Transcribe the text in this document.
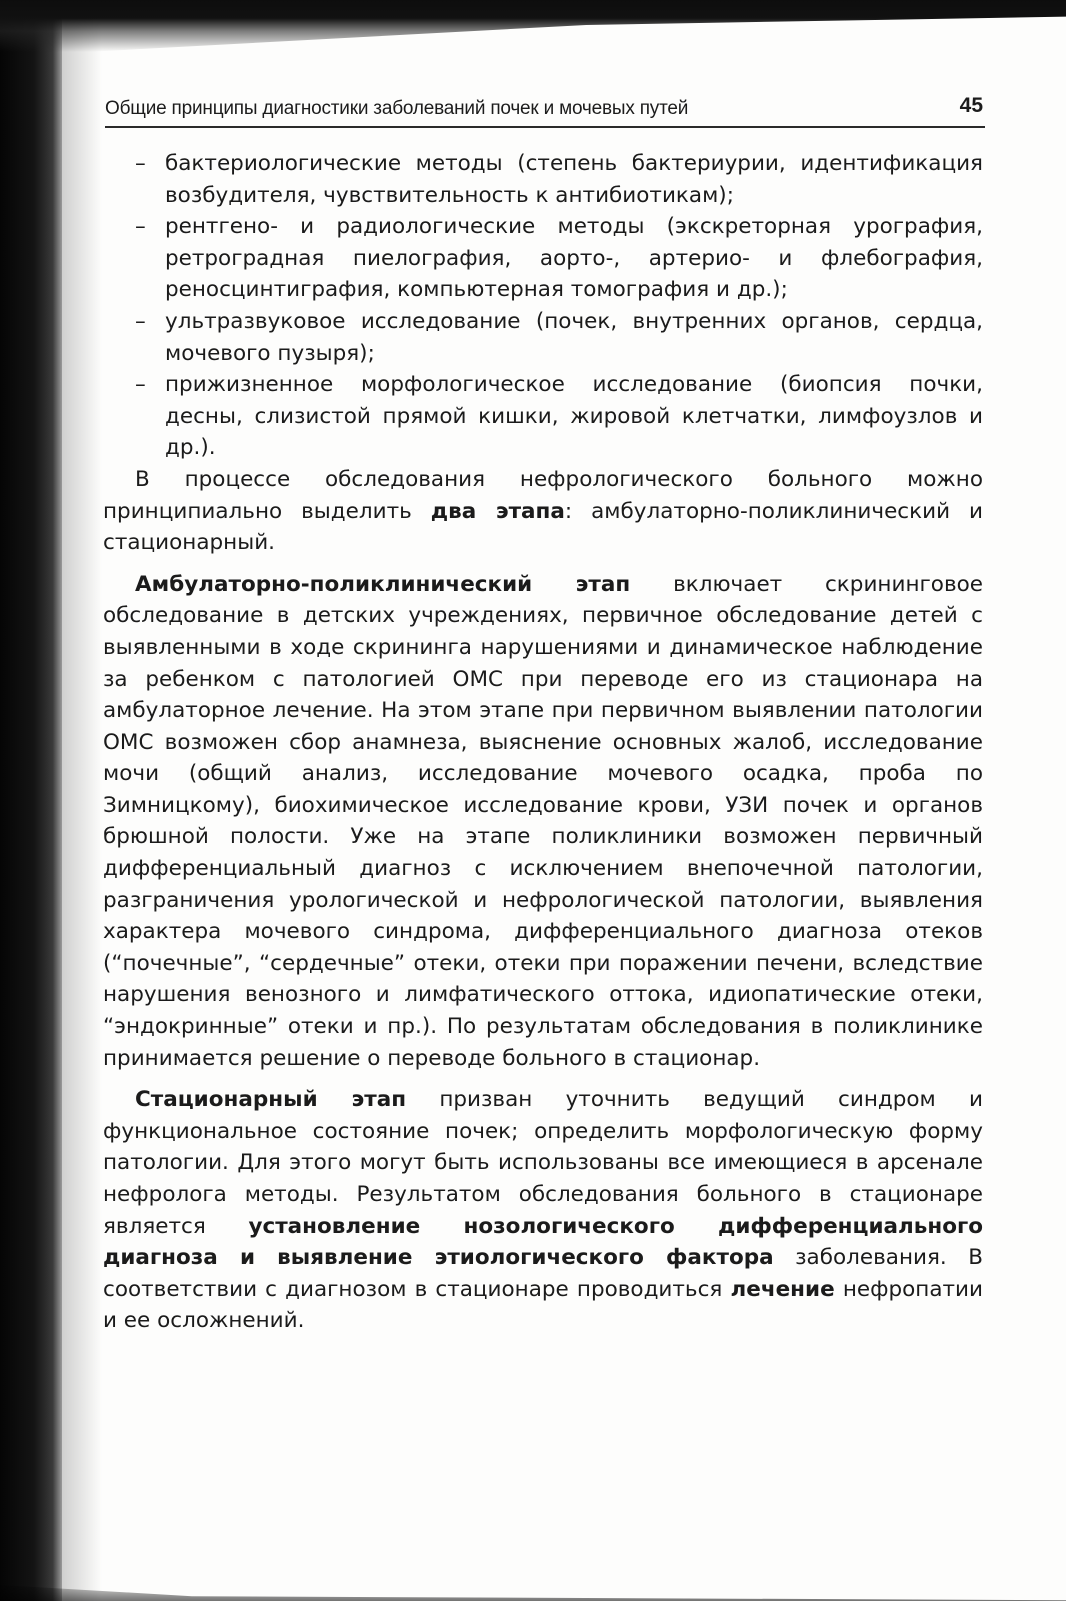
Общие принципы диагностики заболеваний почек и мочевых путей	45
– бактериологические методы (степень бактериурии, идентификация возбудителя, чувствительность к антибиотикам);
– рентгено- и радиологические методы (экскреторная урография, ретроградная пиелография, аорто-, артерио- и флебография, реносцинтиграфия, компьютерная томография и др.);
– ультразвуковое исследование (почек, внутренних органов, сердца, мочевого пузыря);
– прижизненное морфологическое исследование (биопсия почки, десны, слизистой прямой кишки, жировой клетчатки, лимфоузлов и др.).

В процессе обследования нефрологического больного можно принципиально выделить два этапа: амбулаторно-поликлинический и стационарный.

Амбулаторно-поликлинический этап включает скрининговое обследование в детских учреждениях, первичное обследование детей с выявленными в ходе скрининга нарушениями и динамическое наблюдение за ребенком с патологией ОМС при переводе его из стационара на амбулаторное лечение. На этом этапе при первичном выявлении патологии ОМС возможен сбор анамнеза, выяснение основных жалоб, исследование мочи (общий анализ, исследование мочевого осадка, проба по Зимницкому), биохимическое исследование крови, УЗИ почек и органов брюшной полости. Уже на этапе поликлиники возможен первичный дифференциальный диагноз с исключением внепочечной патологии, разграничения урологической и нефрологической патологии, выявления характера мочевого синдрома, дифференциального диагноза отеков (“почечные”, “сердечные” отеки, отеки при поражении печени, вследствие нарушения венозного и лимфатического оттока, идиопатические отеки, “эндокринные” отеки и пр.). По результатам обследования в поликлинике принимается решение о переводе больного в стационар.

Стационарный этап призван уточнить ведущий синдром и функциональное состояние почек; определить морфологическую форму патологии. Для этого могут быть использованы все имеющиеся в арсенале нефролога методы. Результатом обследования больного в стационаре является установление нозологического дифференциального диагноза и выявление этиологического фактора заболевания. В соответствии с диагнозом в стационаре проводиться лечение нефропатии и ее осложнений.
